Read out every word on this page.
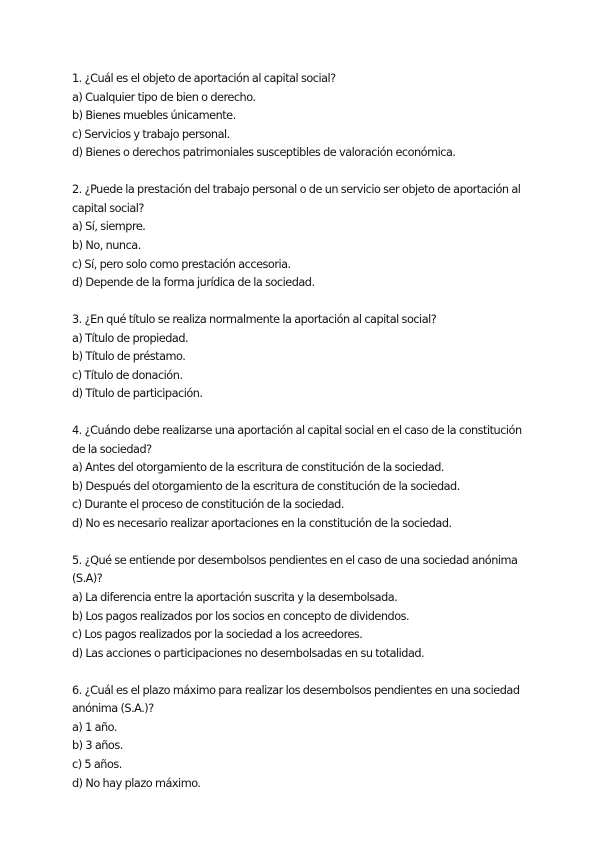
1. ¿Cuál es el objeto de aportación al capital social?

a) Cualquier tipo de bien o derecho.

b) Bienes muebles únicamente.

c) Servicios y trabajo personal.

d) Bienes o derechos patrimoniales susceptibles de valoración económica.

2. ¿Puede la prestación del trabajo personal o de un servicio ser objeto de aportación al capital social?

a) Sí, siempre.

b) No, nunca.

c) Sí, pero solo como prestación accesoria.

d) Depende de la forma jurídica de la sociedad.

3. ¿En qué título se realiza normalmente la aportación al capital social?

a) Título de propiedad.

b) Título de préstamo.

c) Título de donación.

d) Título de participación.

4. ¿Cuándo debe realizarse una aportación al capital social en el caso de la constitución de la sociedad?

a) Antes del otorgamiento de la escritura de constitución de la sociedad.

b) Después del otorgamiento de la escritura de constitución de la sociedad.

c) Durante el proceso de constitución de la sociedad.

d) No es necesario realizar aportaciones en la constitución de la sociedad.

5. ¿Qué se entiende por desembolsos pendientes en el caso de una sociedad anónima (S.A)?

a) La diferencia entre la aportación suscrita y la desembolsada.

b) Los pagos realizados por los socios en concepto de dividendos.

c) Los pagos realizados por la sociedad a los acreedores.

d) Las acciones o participaciones no desembolsadas en su totalidad.

6. ¿Cuál es el plazo máximo para realizar los desembolsos pendientes en una sociedad anónima (S.A.)?

a) 1 año.

b) 3 años.

c) 5 años.

d) No hay plazo máximo.
